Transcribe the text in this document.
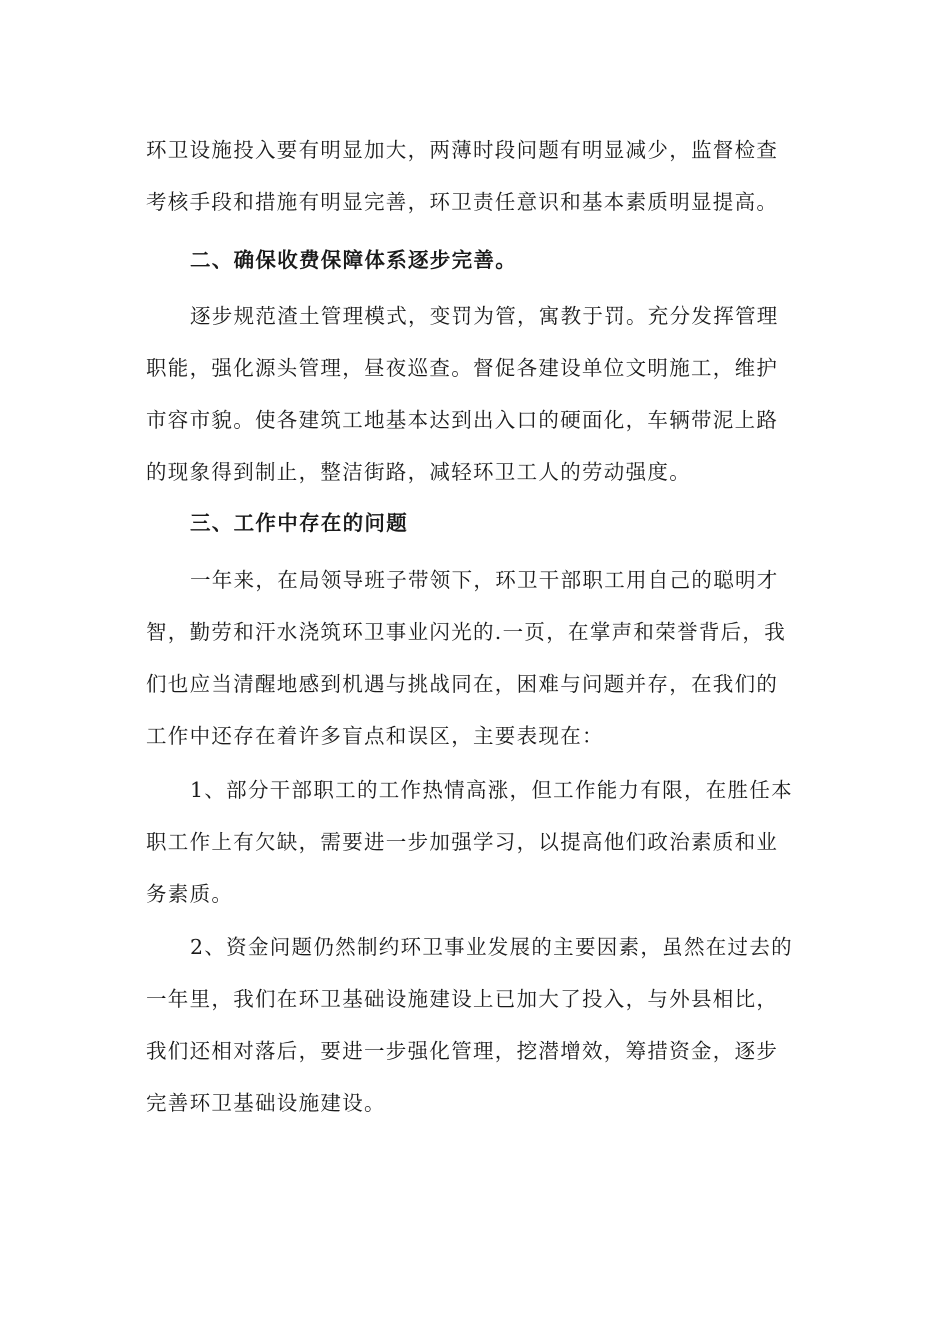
环卫设施投入要有明显加大，两薄时段问题有明显减少，监督检查
考核手段和措施有明显完善，环卫责任意识和基本素质明显提高。
二、确保收费保障体系逐步完善。
逐步规范渣土管理模式，变罚为管，寓教于罚。充分发挥管理
职能，强化源头管理，昼夜巡查。督促各建设单位文明施工，维护
市容市貌。使各建筑工地基本达到出入口的硬面化，车辆带泥上路
的现象得到制止，整洁街路，减轻环卫工人的劳动强度。
三、工作中存在的问题
一年来，在局领导班子带领下，环卫干部职工用自己的聪明才
智，勤劳和汗水浇筑环卫事业闪光的.一页，在掌声和荣誉背后，我
们也应当清醒地感到机遇与挑战同在，困难与问题并存，在我们的
工作中还存在着许多盲点和误区，主要表现在：
1、部分干部职工的工作热情高涨，但工作能力有限，在胜任本
职工作上有欠缺，需要进一步加强学习，以提高他们政治素质和业
务素质。
2、资金问题仍然制约环卫事业发展的主要因素，虽然在过去的
一年里，我们在环卫基础设施建设上已加大了投入，与外县相比，
我们还相对落后，要进一步强化管理，挖潜增效，筹措资金，逐步
完善环卫基础设施建设。
